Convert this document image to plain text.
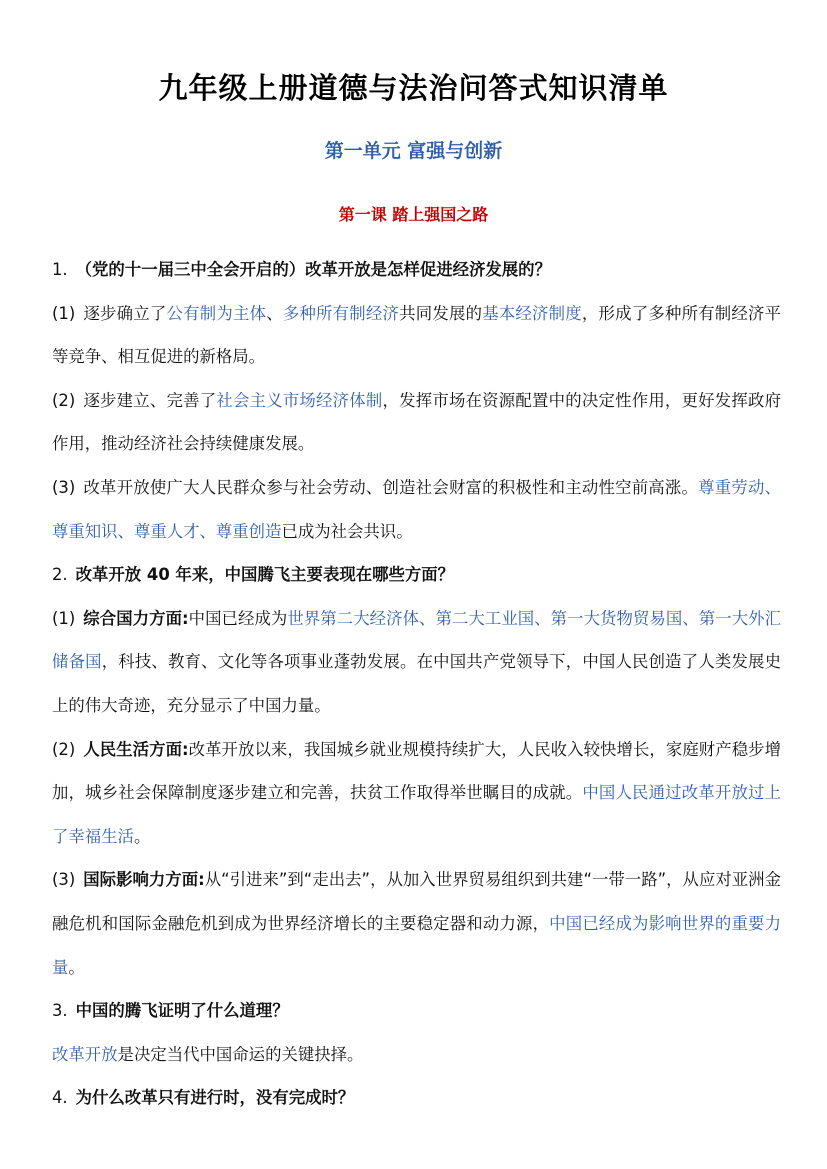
九年级上册道德与法治问答式知识清单
第一单元 富强与创新
第一课 踏上强国之路

1. （党的十一届三中全会开启的）改革开放是怎样促进经济发展的？

(1) 逐步确立了公有制为主体、多种所有制经济共同发展的基本经济制度，形成了多种所有制经济平等竞争、相互促进的新格局。

(2) 逐步建立、完善了社会主义市场经济体制，发挥市场在资源配置中的决定性作用，更好发挥政府作用，推动经济社会持续健康发展。

(3) 改革开放使广大人民群众参与社会劳动、创造社会财富的积极性和主动性空前高涨。尊重劳动、尊重知识、尊重人才、尊重创造已成为社会共识。

2. 改革开放 40 年来，中国腾飞主要表现在哪些方面？

(1) 综合国力方面:中国已经成为世界第二大经济体、第二大工业国、第一大货物贸易国、第一大外汇储备国，科技、教育、文化等各项事业蓬勃发展。在中国共产党领导下，中国人民创造了人类发展史上的伟大奇迹，充分显示了中国力量。

(2) 人民生活方面:改革开放以来，我国城乡就业规模持续扩大，人民收入较快增长，家庭财产稳步增加，城乡社会保障制度逐步建立和完善，扶贫工作取得举世瞩目的成就。中国人民通过改革开放过上了幸福生活。

(3) 国际影响力方面:从“引进来”到“走出去”，从加入世界贸易组织到共建“一带一路”，从应对亚洲金融危机和国际金融危机到成为世界经济增长的主要稳定器和动力源，中国已经成为影响世界的重要力量。

3. 中国的腾飞证明了什么道理？

改革开放是决定当代中国命运的关键抉择。

4. 为什么改革只有进行时，没有完成时？
